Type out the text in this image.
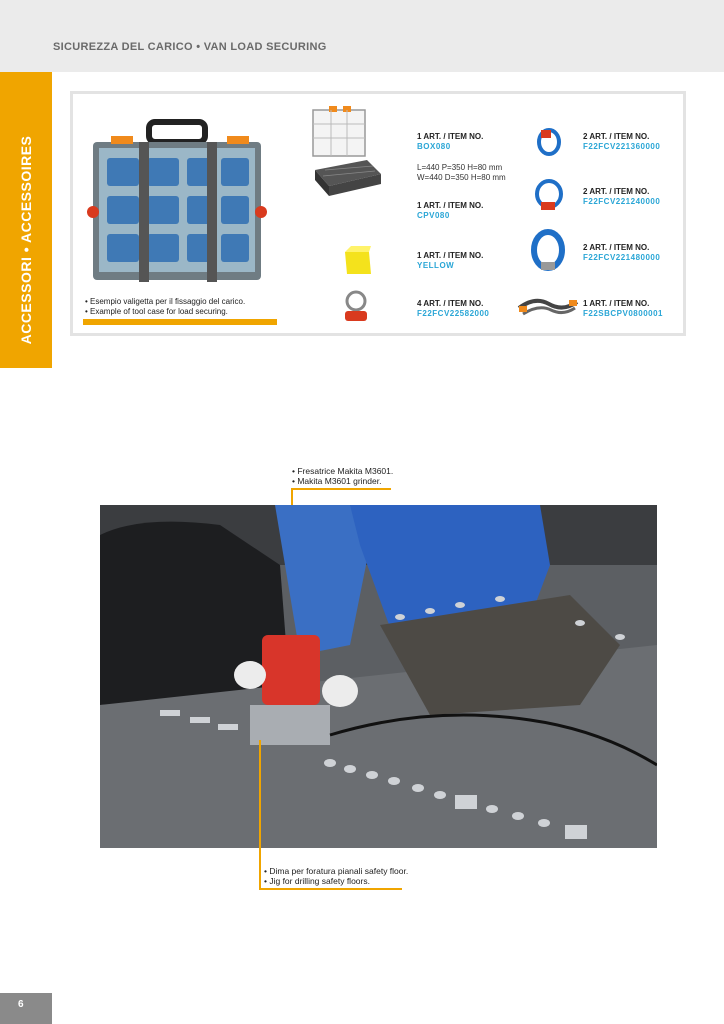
SICUREZZA DEL CARICO • VAN LOAD SECURING
ACCESSORI • ACCESSOIRES	• Esempio valigetta per il fissaggio del carico.
• Example of tool case for load securing.
1 ART. / ITEM NO.
BOX080
L=440 P=350 H=80 mm
W=440 D=350 H=80 mm
1 ART. / ITEM NO.
CPV080
1 ART. / ITEM NO.
YELLOW
4 ART. / ITEM NO.
F22FCV22582000
2 ART. / ITEM NO.
F22FCV221360000
2 ART. / ITEM NO.
F22FCV221240000
2 ART. / ITEM NO.
F22FCV221480000
1 ART. / ITEM NO.
F22SBCPV0800001
• Fresatrice Makita M3601.
• Makita M3601 grinder.
• Dima per foratura pianali safety floor.
• Jig for drilling safety floors.
6
